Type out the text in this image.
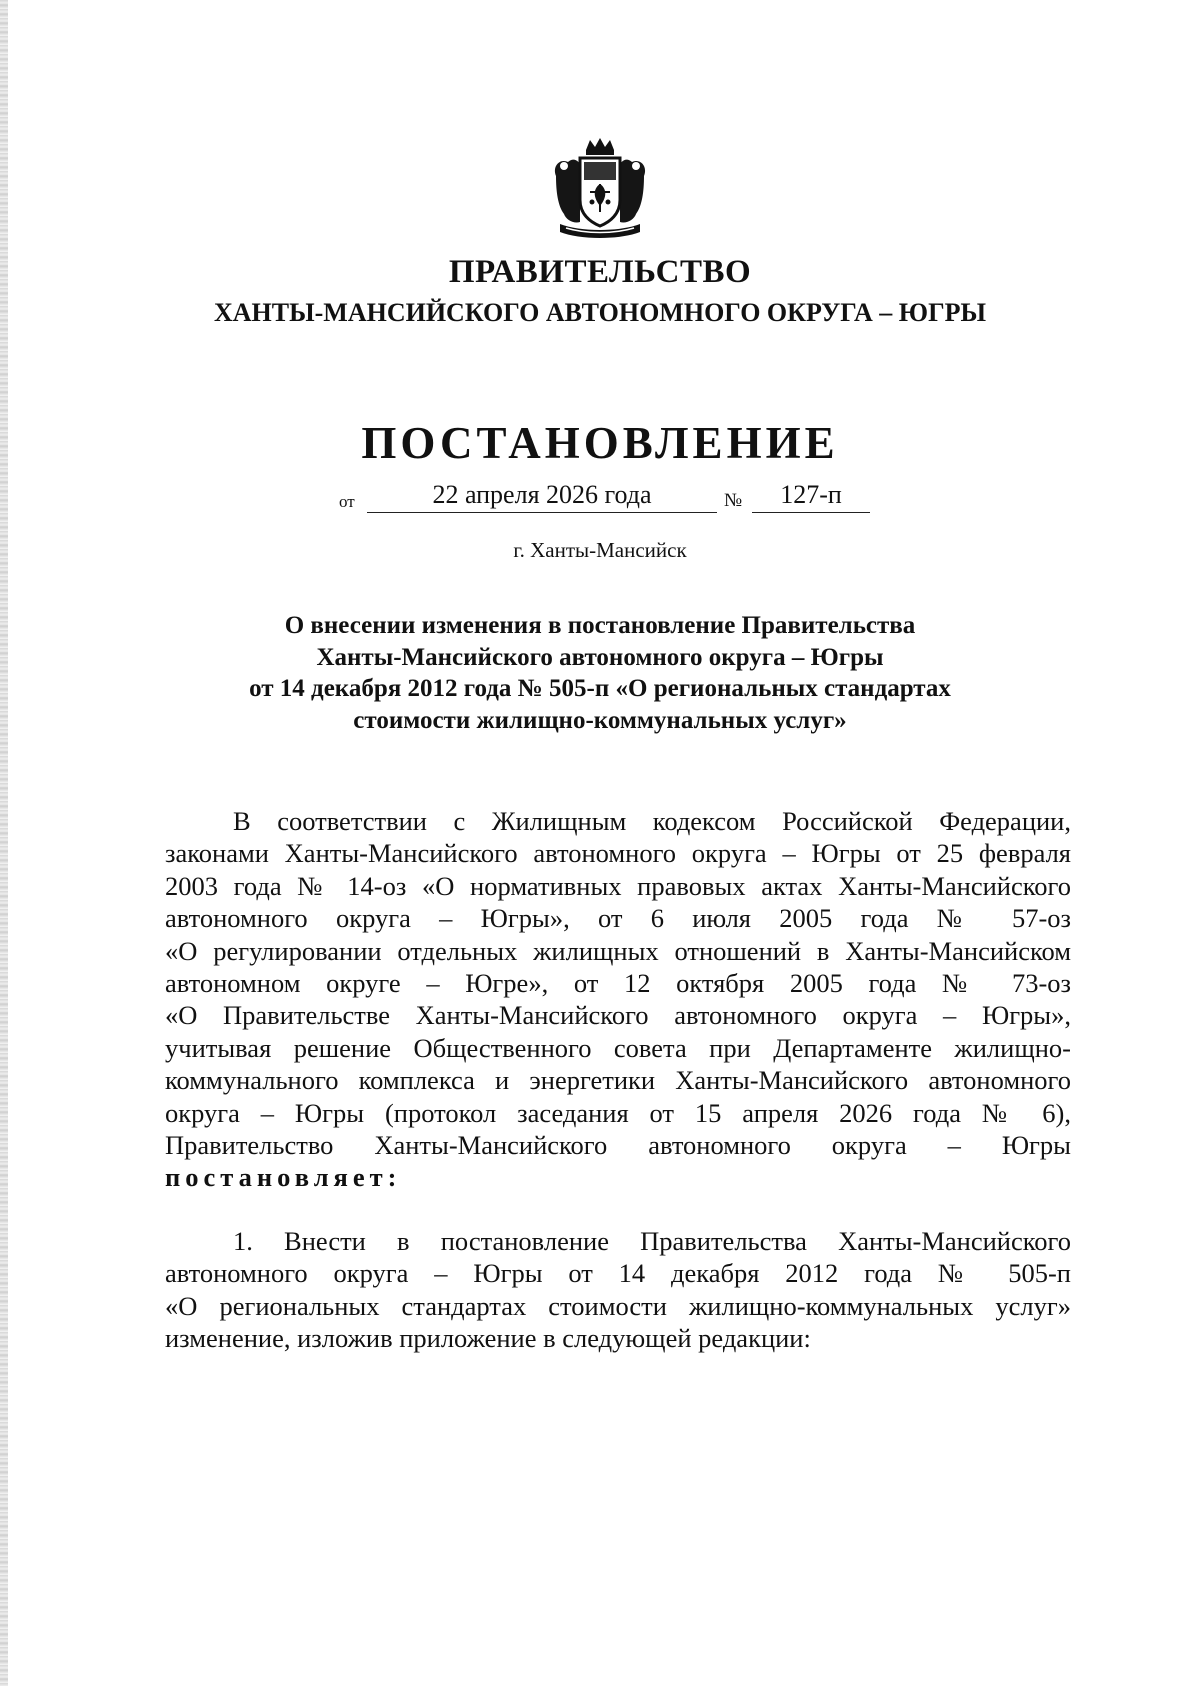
ПРАВИТЕЛЬСТВО
ХАНТЫ-МАНСИЙСКОГО АВТОНОМНОГО ОКРУГА – ЮГРЫ
ПОСТАНОВЛЕНИЕ
от	22 апреля 2026 года	№	127-п

г. Ханты-Мансийск

О внесении изменения в постановление Правительства
Ханты-Мансийского автономного округа – Югры
от 14 декабря 2012 года № 505-п «О региональных стандартах
стоимости жилищно-коммунальных услуг»
В соответствии с Жилищным кодексом Российской Федерации,
законами Ханты-Мансийского автономного округа – Югры от 25 февраля
2003 года № 14-оз «О нормативных правовых актах Ханты-Мансийского
автономного округа – Югры», от 6 июля 2005 года № 57-оз
«О регулировании отдельных жилищных отношений в Ханты-Мансийском
автономном округе – Югре», от 12 октября 2005 года № 73-оз
«О Правительстве Ханты-Мансийского автономного округа – Югры»,
учитывая решение Общественного совета при Департаменте жилищно-
коммунального комплекса и энергетики Ханты-Мансийского автономного
округа – Югры (протокол заседания от 15 апреля 2026 года № 6),
Правительство Ханты-Мансийского автономного округа – Югры
постановляет:
1. Внести в постановление Правительства Ханты-Мансийского
автономного округа – Югры от 14 декабря 2012 года № 505-п
«О региональных стандартах стоимости жилищно-коммунальных услуг»
изменение, изложив приложение в следующей редакции:
